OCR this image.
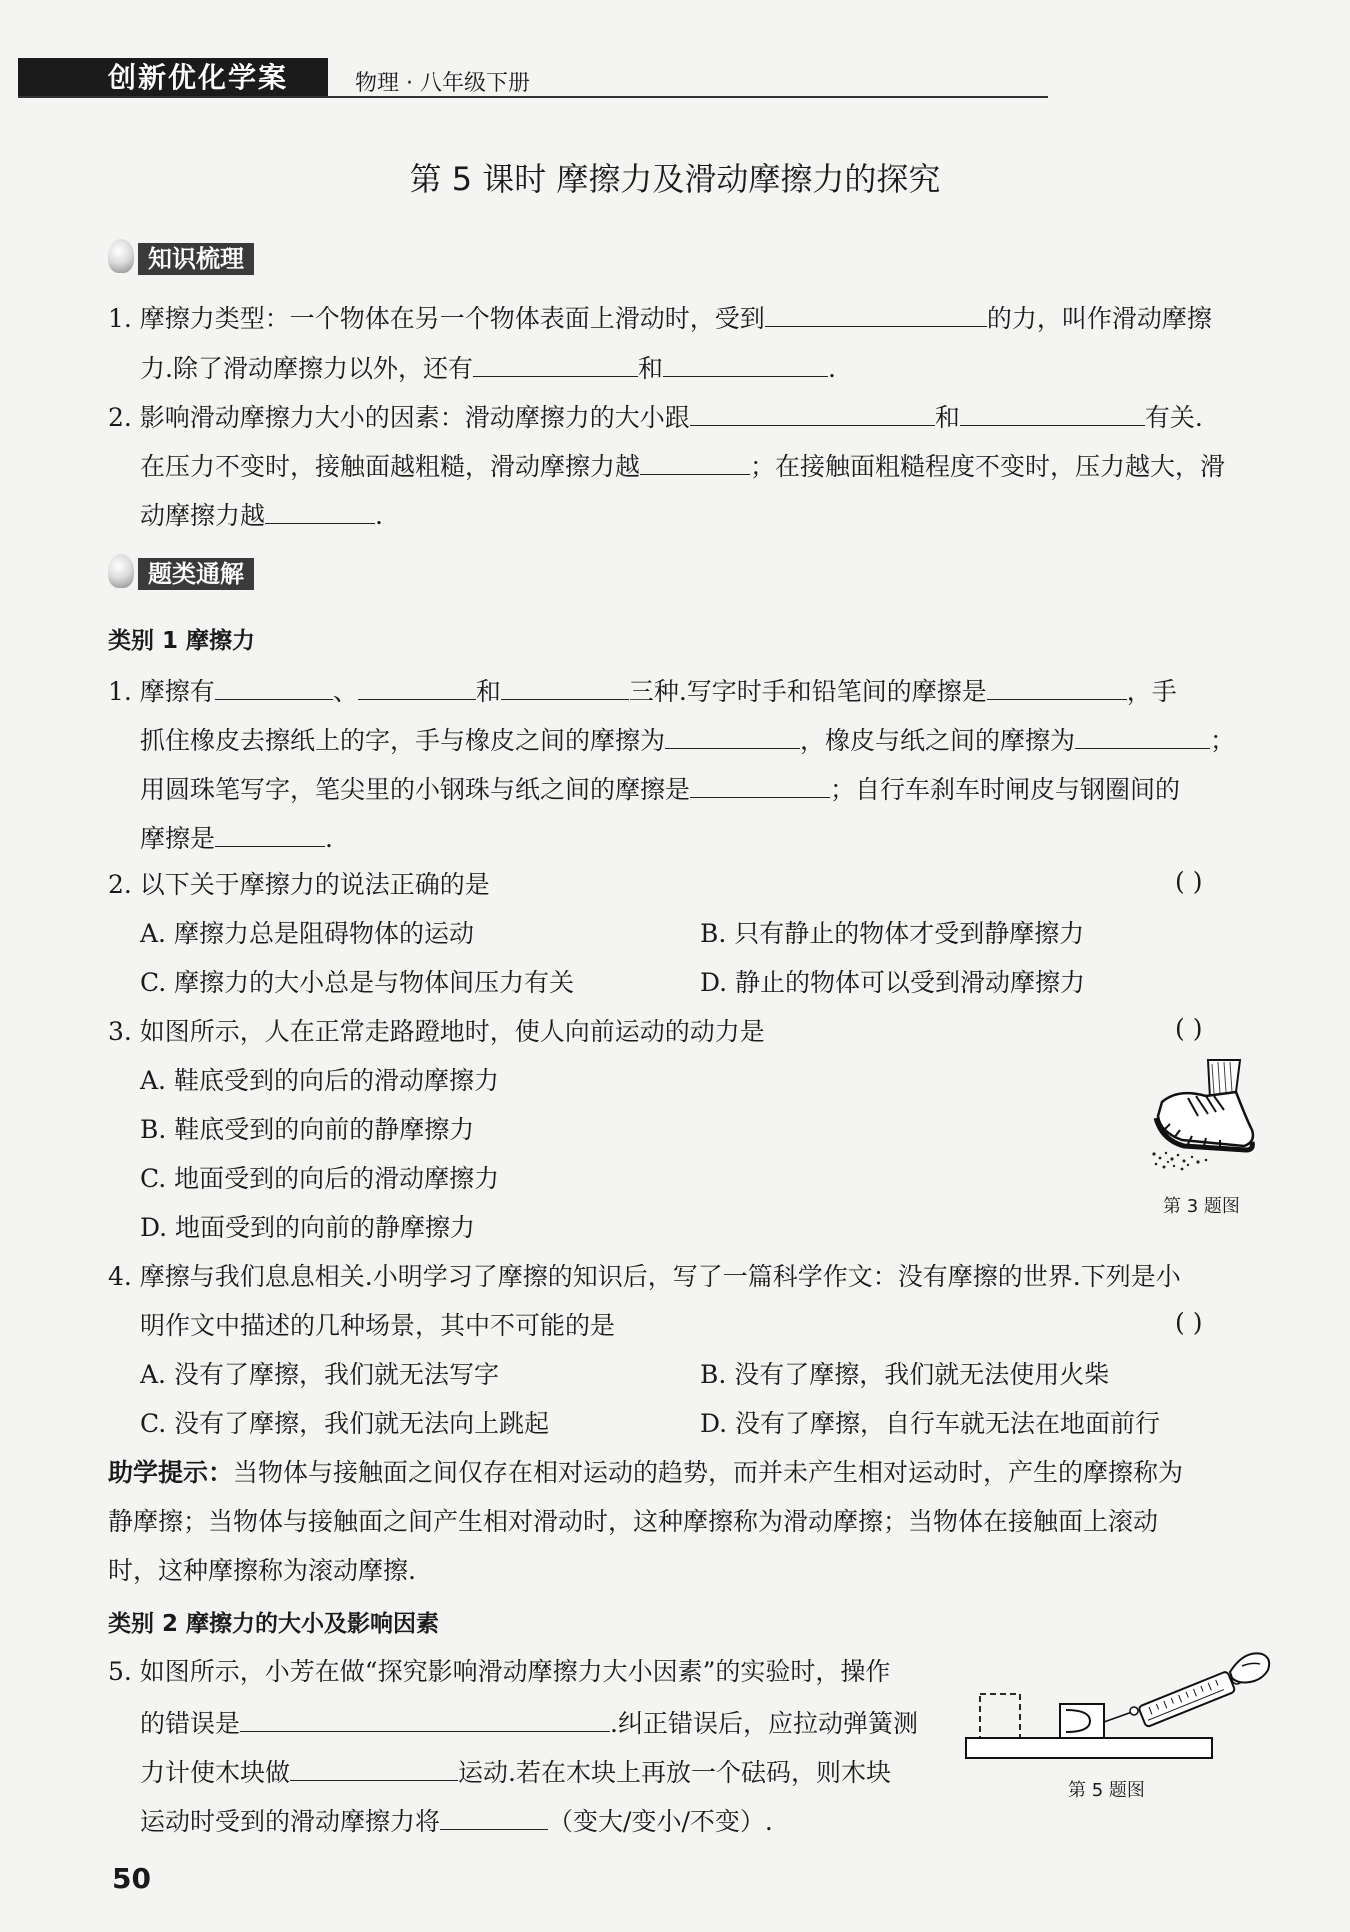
创新优化学案	物理 · 八年级下册
第 5 课时 摩擦力及滑动摩擦力的探究
知识梳理
1. 摩擦力类型：一个物体在另一个物体表面上滑动时，受到	的力，叫作滑动摩擦
力.除了滑动摩擦力以外，还有	和	.
2. 影响滑动摩擦力大小的因素：滑动摩擦力的大小跟	和	有关.
在压力不变时，接触面越粗糙，滑动摩擦力越	；在接触面粗糙程度不变时，压力越大，滑
动摩擦力越	.
题类通解
类别 1 摩擦力
1. 摩擦有	、	和	三种.写字时手和铅笔间的摩擦是	，手
抓住橡皮去擦纸上的字，手与橡皮之间的摩擦为	，橡皮与纸之间的摩擦为	；
用圆珠笔写字，笔尖里的小钢珠与纸之间的摩擦是	；自行车刹车时闸皮与钢圈间的
摩擦是	.
2. 以下关于摩擦力的说法正确的是	( )
A. 摩擦力总是阻碍物体的运动	B. 只有静止的物体才受到静摩擦力
C. 摩擦力的大小总是与物体间压力有关	D. 静止的物体可以受到滑动摩擦力
3. 如图所示，人在正常走路蹬地时，使人向前运动的动力是	( )
A. 鞋底受到的向后的滑动摩擦力
B. 鞋底受到的向前的静摩擦力
C. 地面受到的向后的滑动摩擦力
D. 地面受到的向前的静摩擦力
第 3 题图
4. 摩擦与我们息息相关.小明学习了摩擦的知识后，写了一篇科学作文：没有摩擦的世界.下列是小
明作文中描述的几种场景，其中不可能的是	( )
A. 没有了摩擦，我们就无法写字	B. 没有了摩擦，我们就无法使用火柴
C. 没有了摩擦，我们就无法向上跳起	D. 没有了摩擦，自行车就无法在地面前行
助学提示：当物体与接触面之间仅存在相对运动的趋势，而并未产生相对运动时，产生的摩擦称为
静摩擦；当物体与接触面之间产生相对滑动时，这种摩擦称为滑动摩擦；当物体在接触面上滚动
时，这种摩擦称为滚动摩擦.
类别 2 摩擦力的大小及影响因素
5. 如图所示，小芳在做“探究影响滑动摩擦力大小因素”的实验时，操作
的错误是	.纠正错误后，应拉动弹簧测
力计使木块做	运动.若在木块上再放一个砝码，则木块
运动时受到的滑动摩擦力将	（变大/变小/不变）.
第 5 题图
50
